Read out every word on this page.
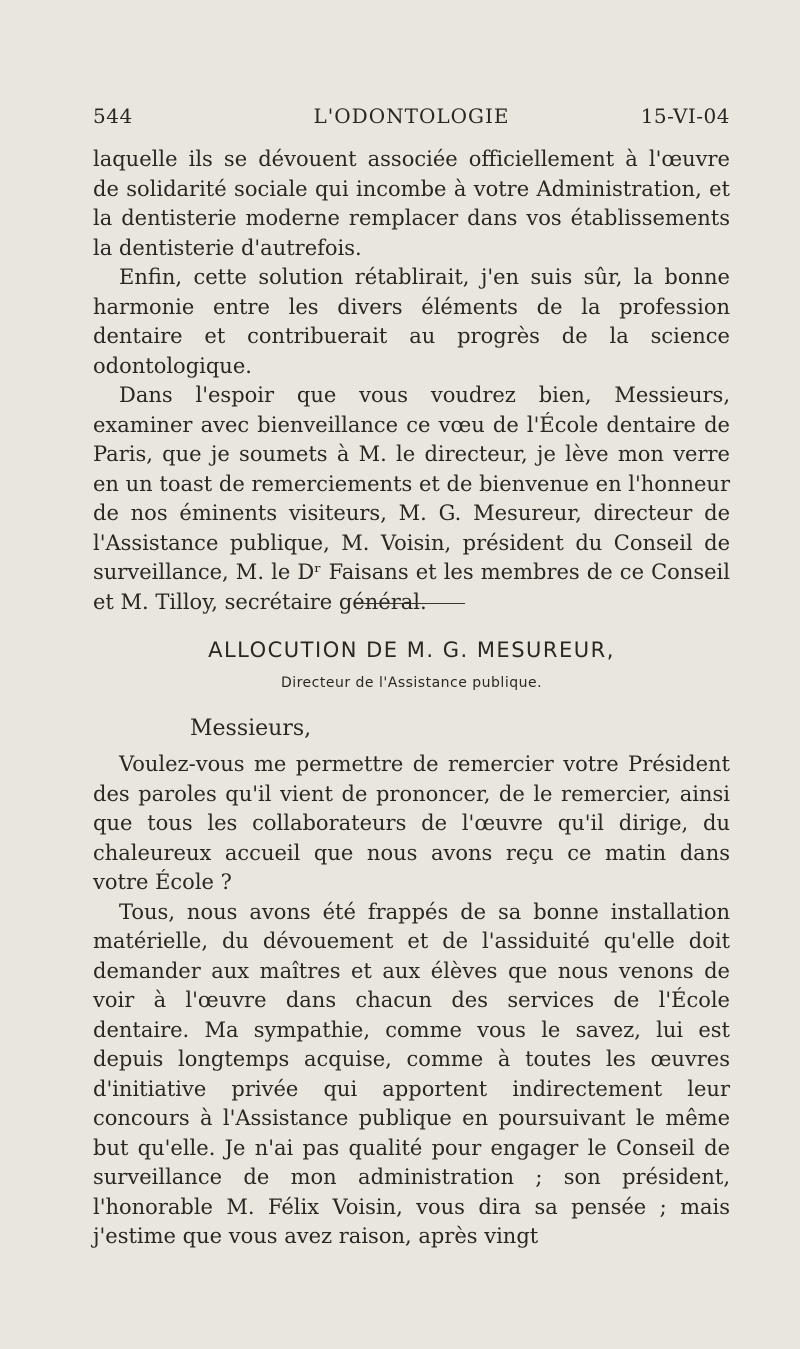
544	L'ODONTOLOGIE	15-VI-04

laquelle ils se dévouent associée officiellement à l'œuvre de solidarité sociale qui incombe à votre Administration, et la dentisterie moderne remplacer dans vos établissements la dentisterie d'autrefois.

Enfin, cette solution rétablirait, j'en suis sûr, la bonne harmonie entre les divers éléments de la profession dentaire et contribuerait au progrès de la science odontologique.

Dans l'espoir que vous voudrez bien, Messieurs, examiner avec bienveillance ce vœu de l'École dentaire de Paris, que je soumets à M. le directeur, je lève mon verre en un toast de remerciements et de bienvenue en l'honneur de nos éminents visiteurs, M. G. Mesureur, directeur de l'Assistance publique, M. Voisin, président du Conseil de surveillance, M. le Dʳ Faisans et les membres de ce Conseil et M. Tilloy, secrétaire général.

ALLOCUTION DE M. G. MESUREUR,
Directeur de l'Assistance publique.
Messieurs,

Voulez-vous me permettre de remercier votre Président des paroles qu'il vient de prononcer, de le remercier, ainsi que tous les collaborateurs de l'œuvre qu'il dirige, du chaleureux accueil que nous avons reçu ce matin dans votre École ?

Tous, nous avons été frappés de sa bonne installation matérielle, du dévouement et de l'assiduité qu'elle doit demander aux maîtres et aux élèves que nous venons de voir à l'œuvre dans chacun des services de l'École dentaire. Ma sympathie, comme vous le savez, lui est depuis longtemps acquise, comme à toutes les œuvres d'initiative privée qui apportent indirectement leur concours à l'Assistance publique en poursuivant le même but qu'elle. Je n'ai pas qualité pour engager le Conseil de surveillance de mon administration ; son président, l'honorable M. Félix Voisin, vous dira sa pensée ; mais j'estime que vous avez raison, après vingt
